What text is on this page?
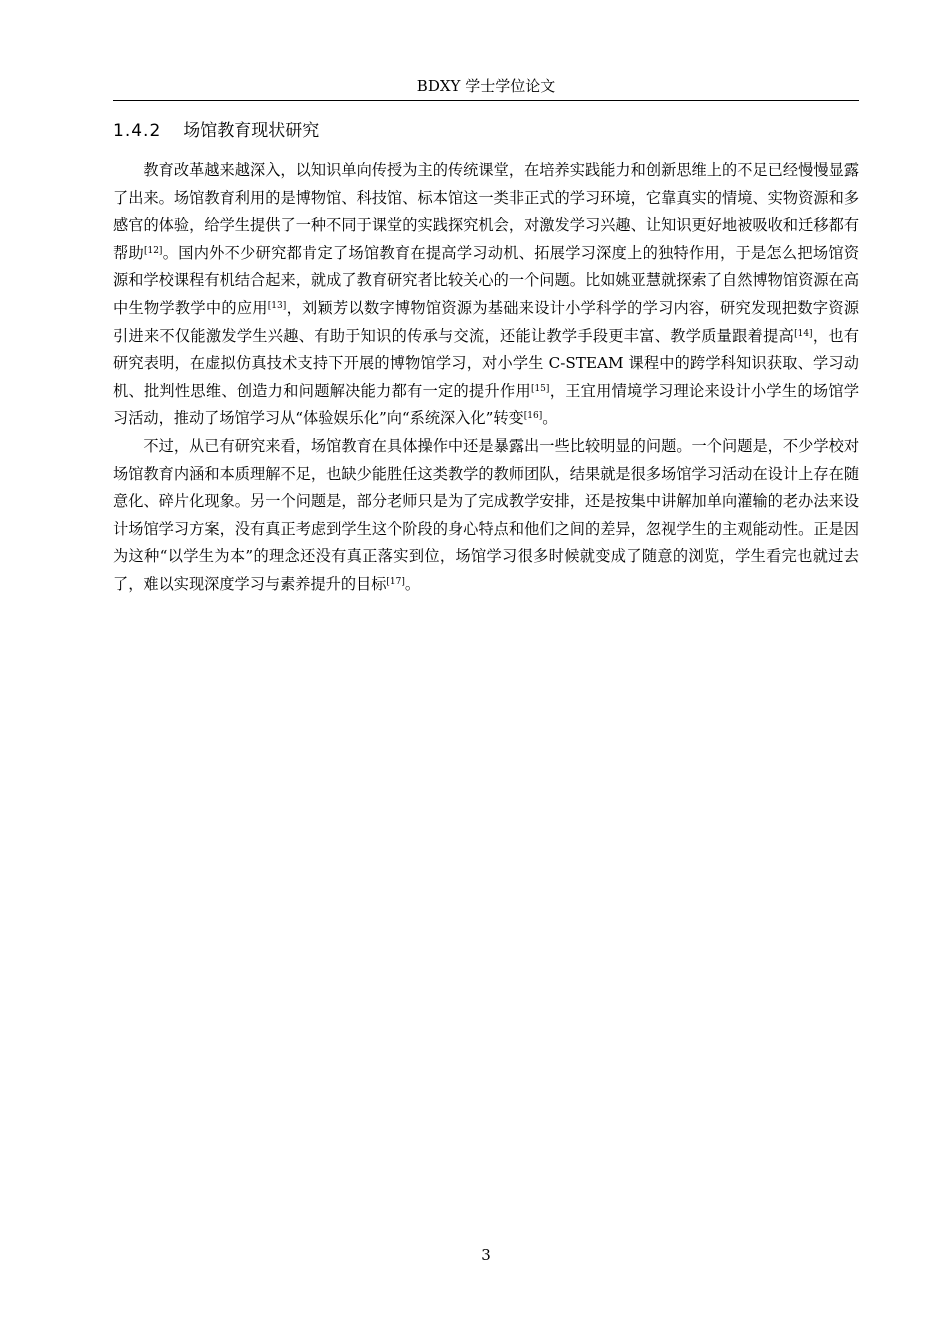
BDXY 学士学位论文
1.4.2 场馆教育现状研究

教育改革越来越深入，以知识单向传授为主的传统课堂，在培养实践能力和创新思维上的不足已经慢慢显露了出来。场馆教育利用的是博物馆、科技馆、标本馆这一类非正式的学习环境，它靠真实的情境、实物资源和多感官的体验，给学生提供了一种不同于课堂的实践探究机会，对激发学习兴趣、让知识更好地被吸收和迁移都有帮助[12]。国内外不少研究都肯定了场馆教育在提高学习动机、拓展学习深度上的独特作用，于是怎么把场馆资源和学校课程有机结合起来，就成了教育研究者比较关心的一个问题。比如姚亚慧就探索了自然博物馆资源在高中生物学教学中的应用[13]，刘颖芳以数字博物馆资源为基础来设计小学科学的学习内容，研究发现把数字资源引进来不仅能激发学生兴趣、有助于知识的传承与交流，还能让教学手段更丰富、教学质量跟着提高[14]，也有研究表明，在虚拟仿真技术支持下开展的博物馆学习，对小学生 C-STEAM 课程中的跨学科知识获取、学习动机、批判性思维、创造力和问题解决能力都有一定的提升作用[15]，王宜用情境学习理论来设计小学生的场馆学习活动，推动了场馆学习从“体验娱乐化”向“系统深入化”转变[16]。

不过，从已有研究来看，场馆教育在具体操作中还是暴露出一些比较明显的问题。一个问题是，不少学校对场馆教育内涵和本质理解不足，也缺少能胜任这类教学的教师团队，结果就是很多场馆学习活动在设计上存在随意化、碎片化现象。另一个问题是，部分老师只是为了完成教学安排，还是按集中讲解加单向灌输的老办法来设计场馆学习方案，没有真正考虑到学生这个阶段的身心特点和他们之间的差异，忽视学生的主观能动性。正是因为这种“以学生为本”的理念还没有真正落实到位，场馆学习很多时候就变成了随意的浏览，学生看完也就过去了，难以实现深度学习与素养提升的目标[17]。

3
